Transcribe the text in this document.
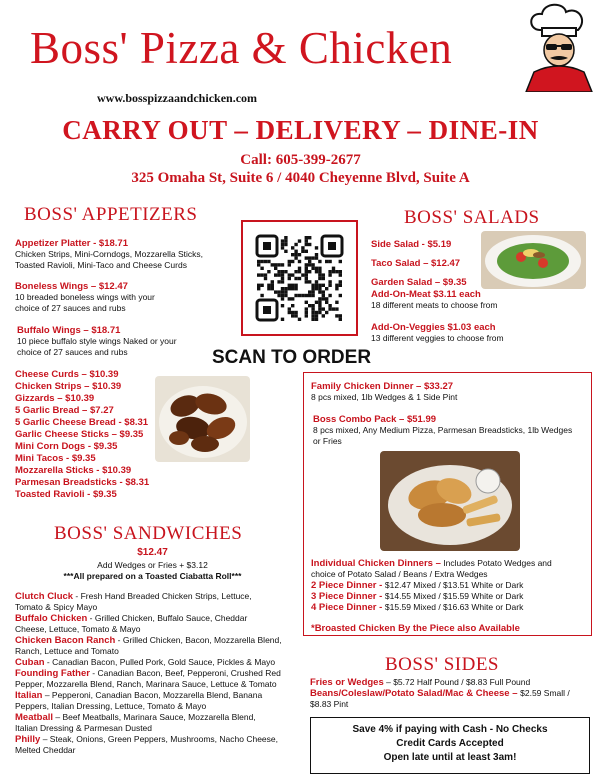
Boss' Pizza & Chicken
www.bosspizzaandchicken.com
CARRY OUT – DELIVERY – DINE-IN
Call: 605-399-2677
325 Omaha St, Suite 6 / 4040 Cheyenne Blvd, Suite A
BOSS' APPETIZERS
Appetizer Platter - $18.71
Chicken Strips, Mini-Corndogs, Mozzarella Sticks,
Toasted Ravioli, Mini-Taco and Cheese Curds
Boneless Wings – $12.47
10 breaded boneless wings with your
choice of 27 sauces and rubs
Buffalo Wings – $18.71
10 piece buffalo style wings Naked or your
choice of 27 sauces and rubs
Cheese Curds – $10.39
Chicken Strips – $10.39
Gizzards – $10.39
5 Garlic Bread – $7.27
5 Garlic Cheese Bread - $8.31
Garlic Cheese Sticks – $9.35
Mini Corn Dogs - $9.35
Mini Tacos - $9.35
Mozzarella Sticks - $10.39
Parmesan Breadsticks - $8.31
Toasted Ravioli - $9.35
SCAN TO ORDER
BOSS' SALADS
Side Salad - $5.19
Taco Salad – $12.47
Garden Salad – $9.35
Add-On-Meat $3.11 each
18 different meats to choose from
Add-On-Veggies $1.03 each
13 different veggies to choose from
Family Chicken Dinner – $33.27
8 pcs mixed, 1lb Wedges & 1 Side Pint
Boss Combo Pack – $51.99
8 pcs mixed, Any Medium Pizza, Parmesan Breadsticks, 1lb Wedges
or Fries
Individual Chicken Dinners – Includes Potato Wedges and
choice of Potato Salad / Beans / Extra Wedges
2 Piece Dinner - $12.47 Mixed / $13.51 White or Dark
3 Piece Dinner - $14.55 Mixed / $15.59 White or Dark
4 Piece Dinner - $15.59 Mixed / $16.63 White or Dark
*Broasted Chicken By the Piece also Available
BOSS' SANDWICHES
$12.47
Add Wedges or Fries + $3.12
***All prepared on a Toasted Ciabatta Roll***
Clutch Cluck - Fresh Hand Breaded Chicken Strips, Lettuce,
Tomato & Spicy Mayo
Buffalo Chicken - Grilled Chicken, Buffalo Sauce, Cheddar
Cheese, Lettuce, Tomato & Mayo
Chicken Bacon Ranch - Grilled Chicken, Bacon, Mozzarella Blend,
Ranch, Lettuce and Tomato
Cuban - Canadian Bacon, Pulled Pork, Gold Sauce, Pickles & Mayo
Founding Father - Canadian Bacon, Beef, Pepperoni, Crushed Red
Pepper, Mozzarella Blend, Ranch, Marinara Sauce, Lettuce & Tomato
Italian – Pepperoni, Canadian Bacon, Mozzarella Blend, Banana
Peppers, Italian Dressing, Lettuce, Tomato & Mayo
Meatball – Beef Meatballs, Marinara Sauce, Mozzarella Blend,
Italian Dressing & Parmesan Dusted
Philly – Steak, Onions, Green Peppers, Mushrooms, Nacho Cheese,
Melted Cheddar
BOSS' SIDES
Fries or Wedges – $5.72 Half Pound / $8.83 Full Pound
Beans/Coleslaw/Potato Salad/Mac & Cheese – $2.59 Small /
$8.83 Pint
Save 4% if paying with Cash - No Checks
Credit Cards Accepted
Open late until at least 3am!
